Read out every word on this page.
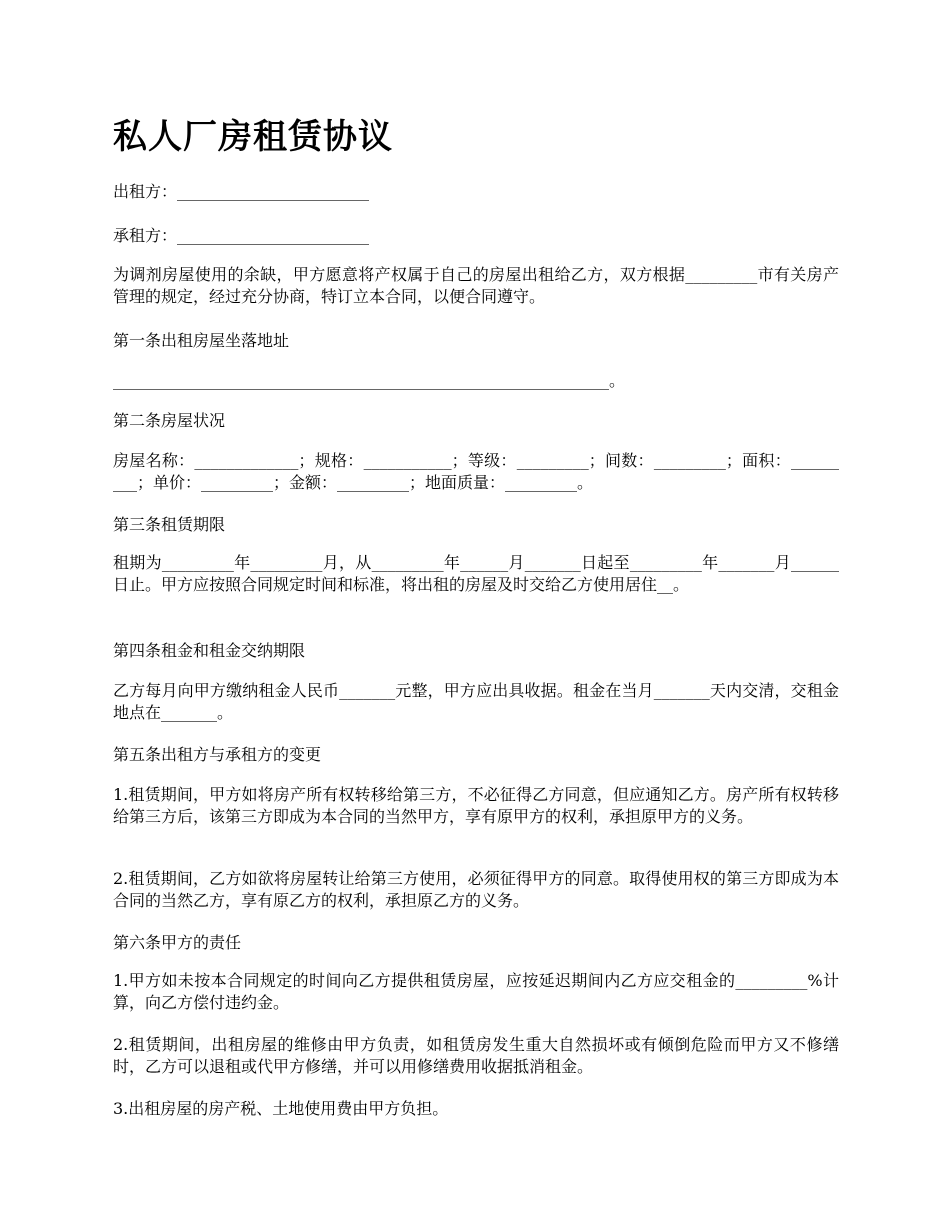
私人厂房租赁协议

出租方：________________________

承租方：________________________

为调剂房屋使用的余缺，甲方愿意将产权属于自己的房屋出租给乙方，双方根据_________市有关房产管理的规定，经过充分协商，特订立本合同，以便合同遵守。

第一条出租房屋坐落地址

______________________________________________________________。

第二条房屋状况

房屋名称：_____________；规格：___________；等级：_________；间数：_________；面积：_________；单价：_________；金额：_________；地面质量：_________。

第三条租赁期限

租期为_________年_________月，从_________年______月_______日起至_________年_______月______日止。甲方应按照合同规定时间和标准，将出租的房屋及时交给乙方使用居住__。

第四条租金和租金交纳期限

乙方每月向甲方缴纳租金人民币_______元整，甲方应出具收据。租金在当月_______天内交清，交租金地点在_______。

第五条出租方与承租方的变更

1.租赁期间，甲方如将房产所有权转移给第三方，不必征得乙方同意，但应通知乙方。房产所有权转移给第三方后，该第三方即成为本合同的当然甲方，享有原甲方的权利，承担原甲方的义务。

2.租赁期间，乙方如欲将房屋转让给第三方使用，必须征得甲方的同意。取得使用权的第三方即成为本合同的当然乙方，享有原乙方的权利，承担原乙方的义务。

第六条甲方的责任

1.甲方如未按本合同规定的时间向乙方提供租赁房屋，应按延迟期间内乙方应交租金的_________%计算，向乙方偿付违约金。

2.租赁期间，出租房屋的维修由甲方负责，如租赁房发生重大自然损坏或有倾倒危险而甲方又不修缮时，乙方可以退租或代甲方修缮，并可以用修缮费用收据抵消租金。

3.出租房屋的房产税、土地使用费由甲方负担。
